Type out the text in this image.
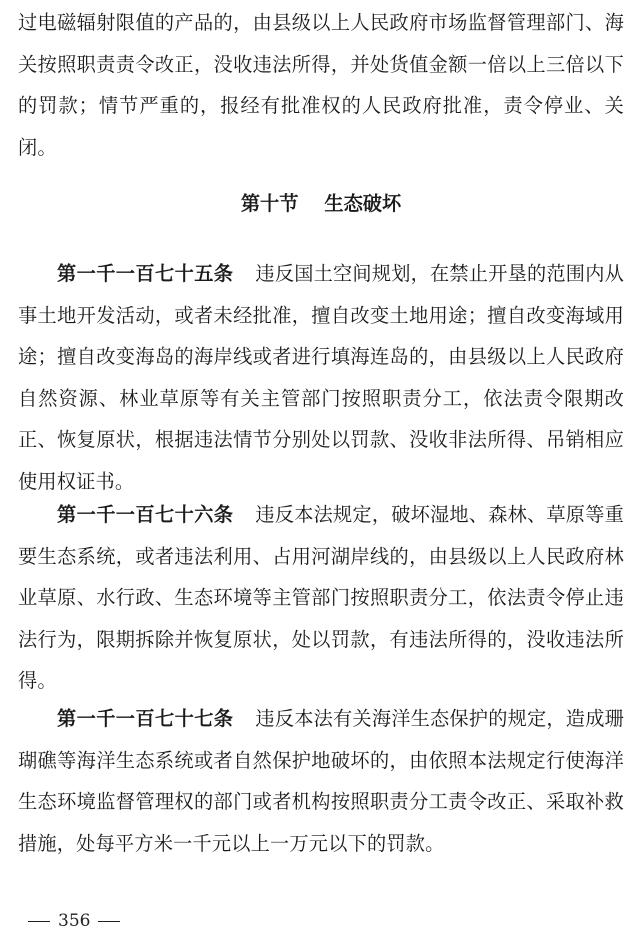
过电磁辐射限值的产品的，由县级以上人民政府市场监督管理部门、海关按照职责责令改正，没收违法所得，并处货值金额一倍以上三倍以下的罚款；情节严重的，报经有批准权的人民政府批准，责令停业、关闭。

第十节 生态破坏

第一千一百七十五条 违反国土空间规划，在禁止开垦的范围内从事土地开发活动，或者未经批准，擅自改变土地用途；擅自改变海域用途；擅自改变海岛的海岸线或者进行填海连岛的，由县级以上人民政府自然资源、林业草原等有关主管部门按照职责分工，依法责令限期改正、恢复原状，根据违法情节分别处以罚款、没收非法所得、吊销相应使用权证书。

第一千一百七十六条 违反本法规定，破坏湿地、森林、草原等重要生态系统，或者违法利用、占用河湖岸线的，由县级以上人民政府林业草原、水行政、生态环境等主管部门按照职责分工，依法责令停止违法行为，限期拆除并恢复原状，处以罚款，有违法所得的，没收违法所得。

第一千一百七十七条 违反本法有关海洋生态保护的规定，造成珊瑚礁等海洋生态系统或者自然保护地破坏的，由依照本法规定行使海洋生态环境监督管理权的部门或者机构按照职责分工责令改正、采取补救措施，处每平方米一千元以上一万元以下的罚款。

356
